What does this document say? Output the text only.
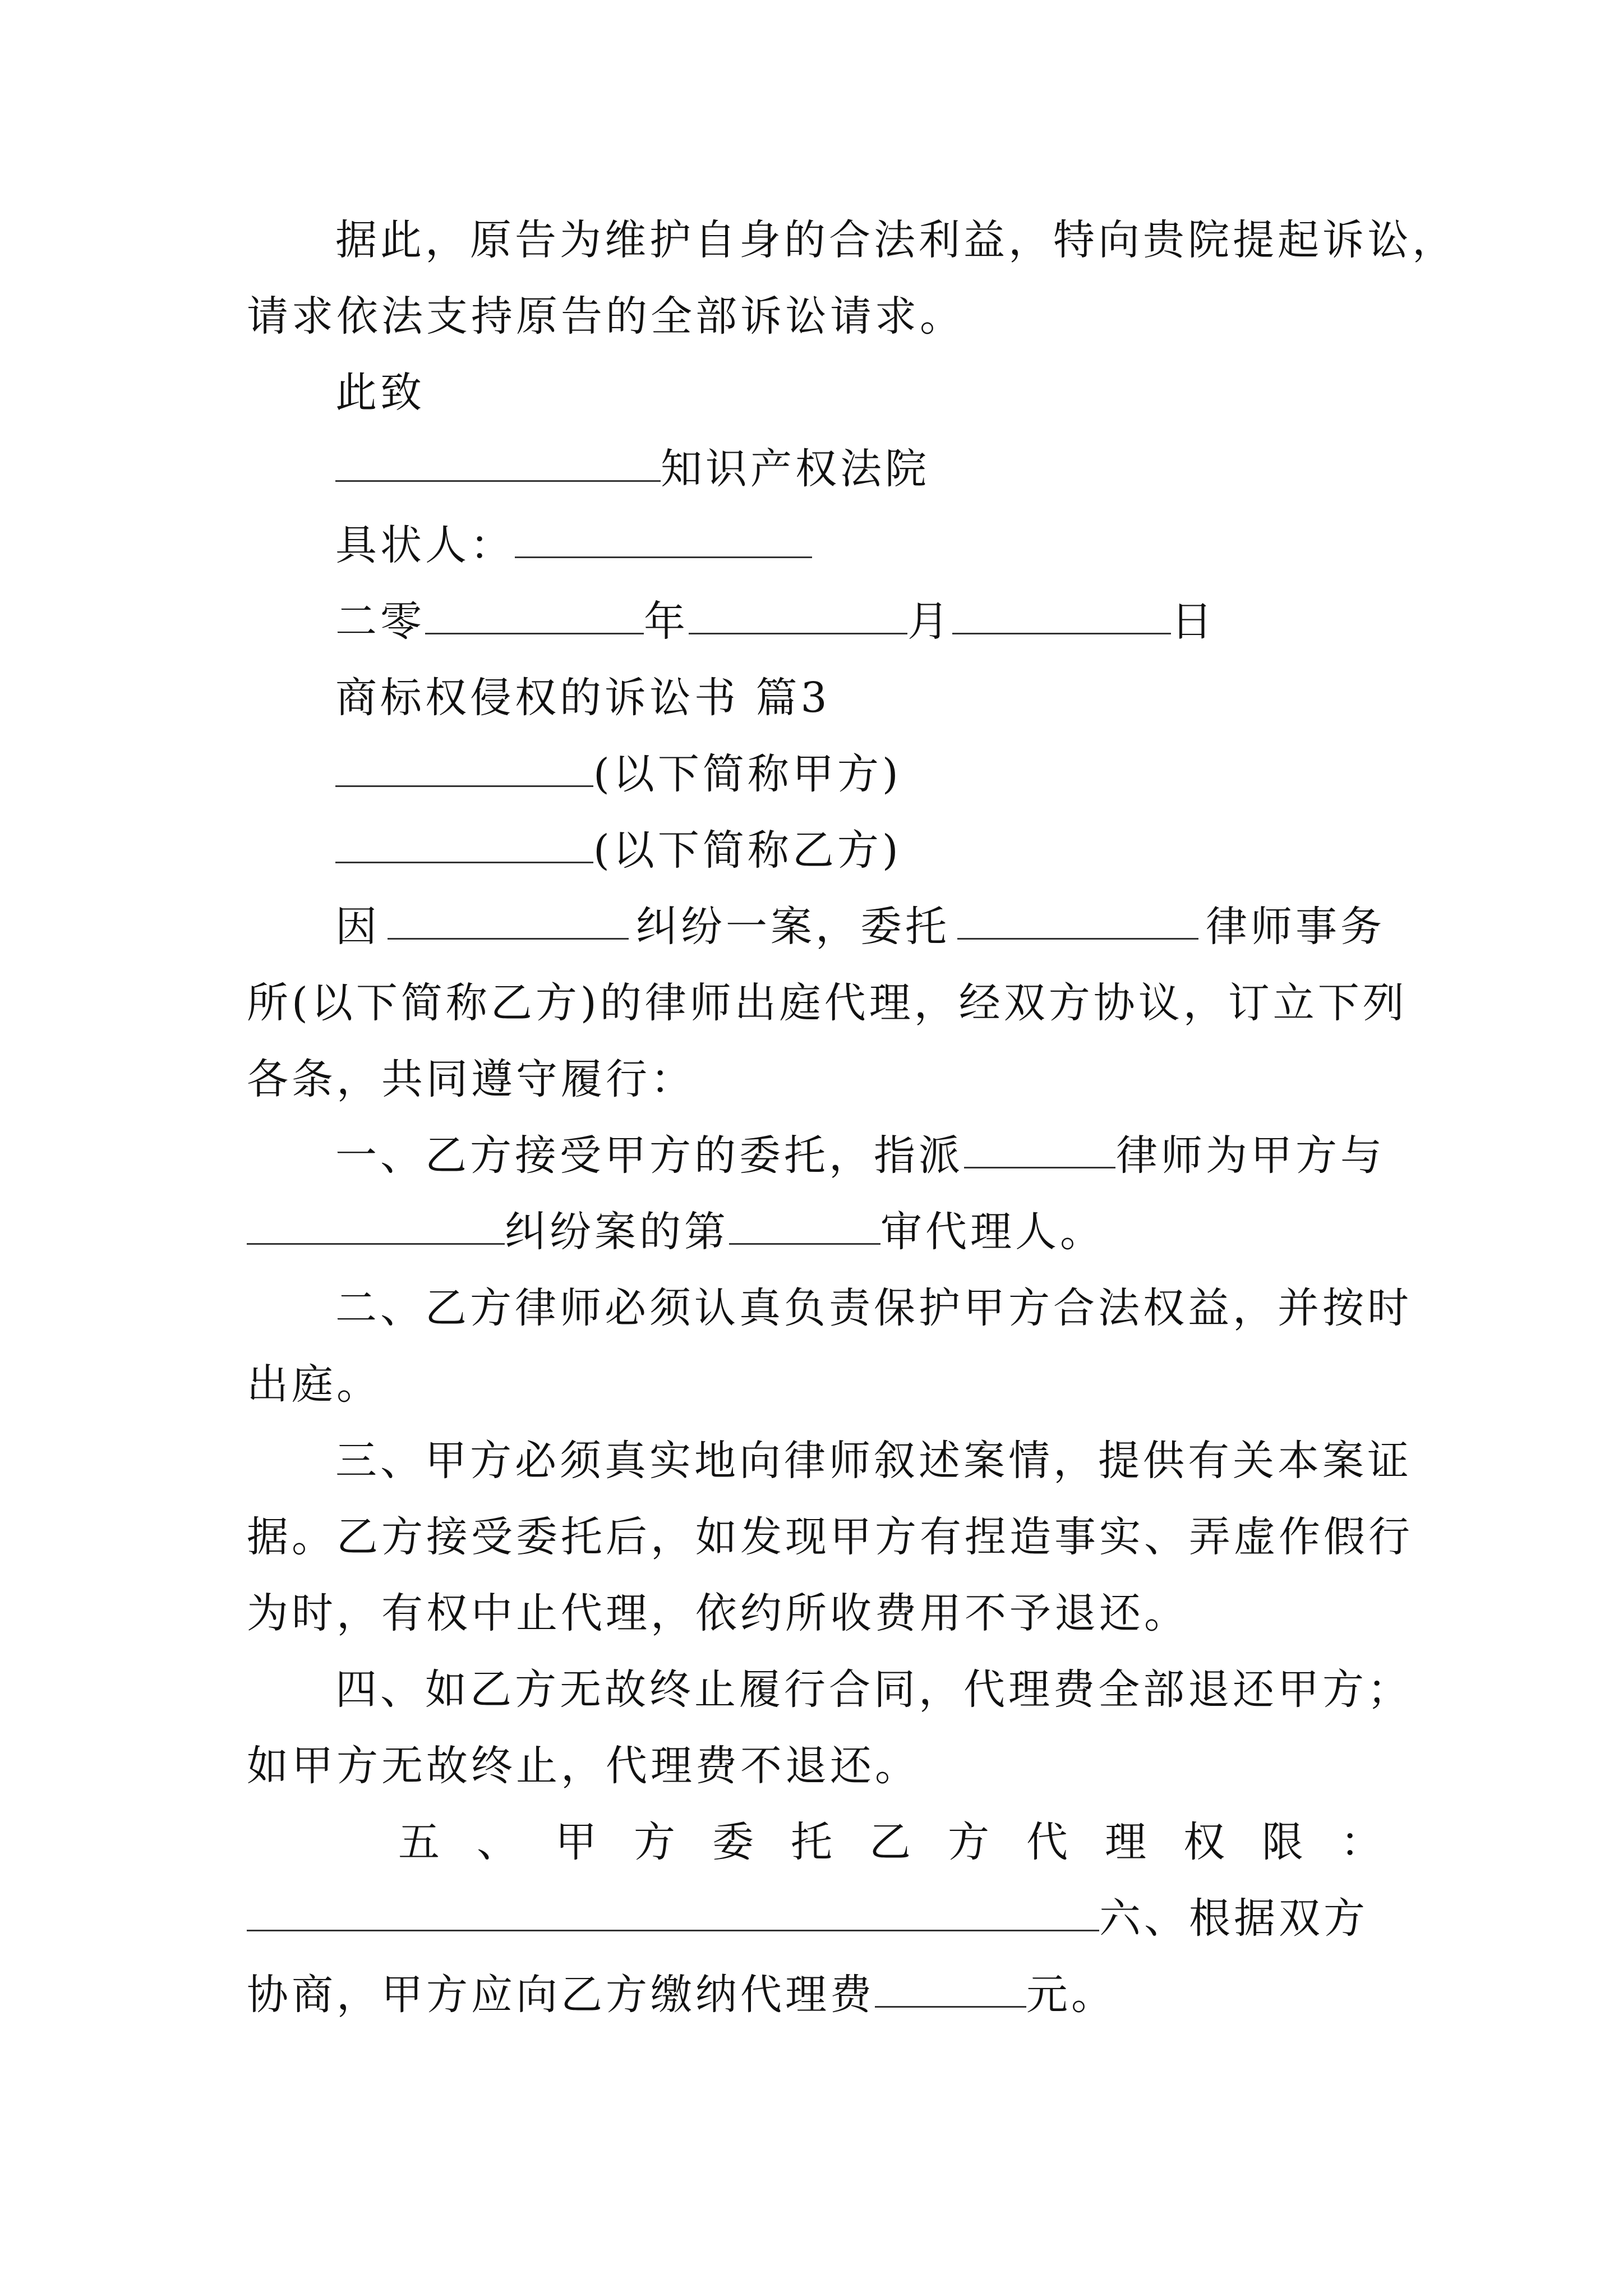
据此，原告为维护自身的合法利益，特向贵院提起诉讼，
请求依法支持原告的全部诉讼请求。
此致
知识产权法院
具状人：
二零	年	月	日
商标权侵权的诉讼书 篇3
(以下简称甲方)
(以下简称乙方)
因	纠纷一案，委托	律师事务
所(以下简称乙方)的律师出庭代理，经双方协议，订立下列
各条，共同遵守履行：
一、乙方接受甲方的委托，指派	律师为甲方与
纠纷案的第	审代理人。
二、乙方律师必须认真负责保护甲方合法权益，并按时
出庭。
三、甲方必须真实地向律师叙述案情，提供有关本案证
据。乙方接受委托后，如发现甲方有捏造事实、弄虚作假行
为时，有权中止代理，依约所收费用不予退还。
四、如乙方无故终止履行合同，代理费全部退还甲方；
如甲方无故终止，代理费不退还。
五 、 甲 方 委 托 乙 方 代 理 权 限 ：
六、根据双方
协商，甲方应向乙方缴纳代理费	元。
